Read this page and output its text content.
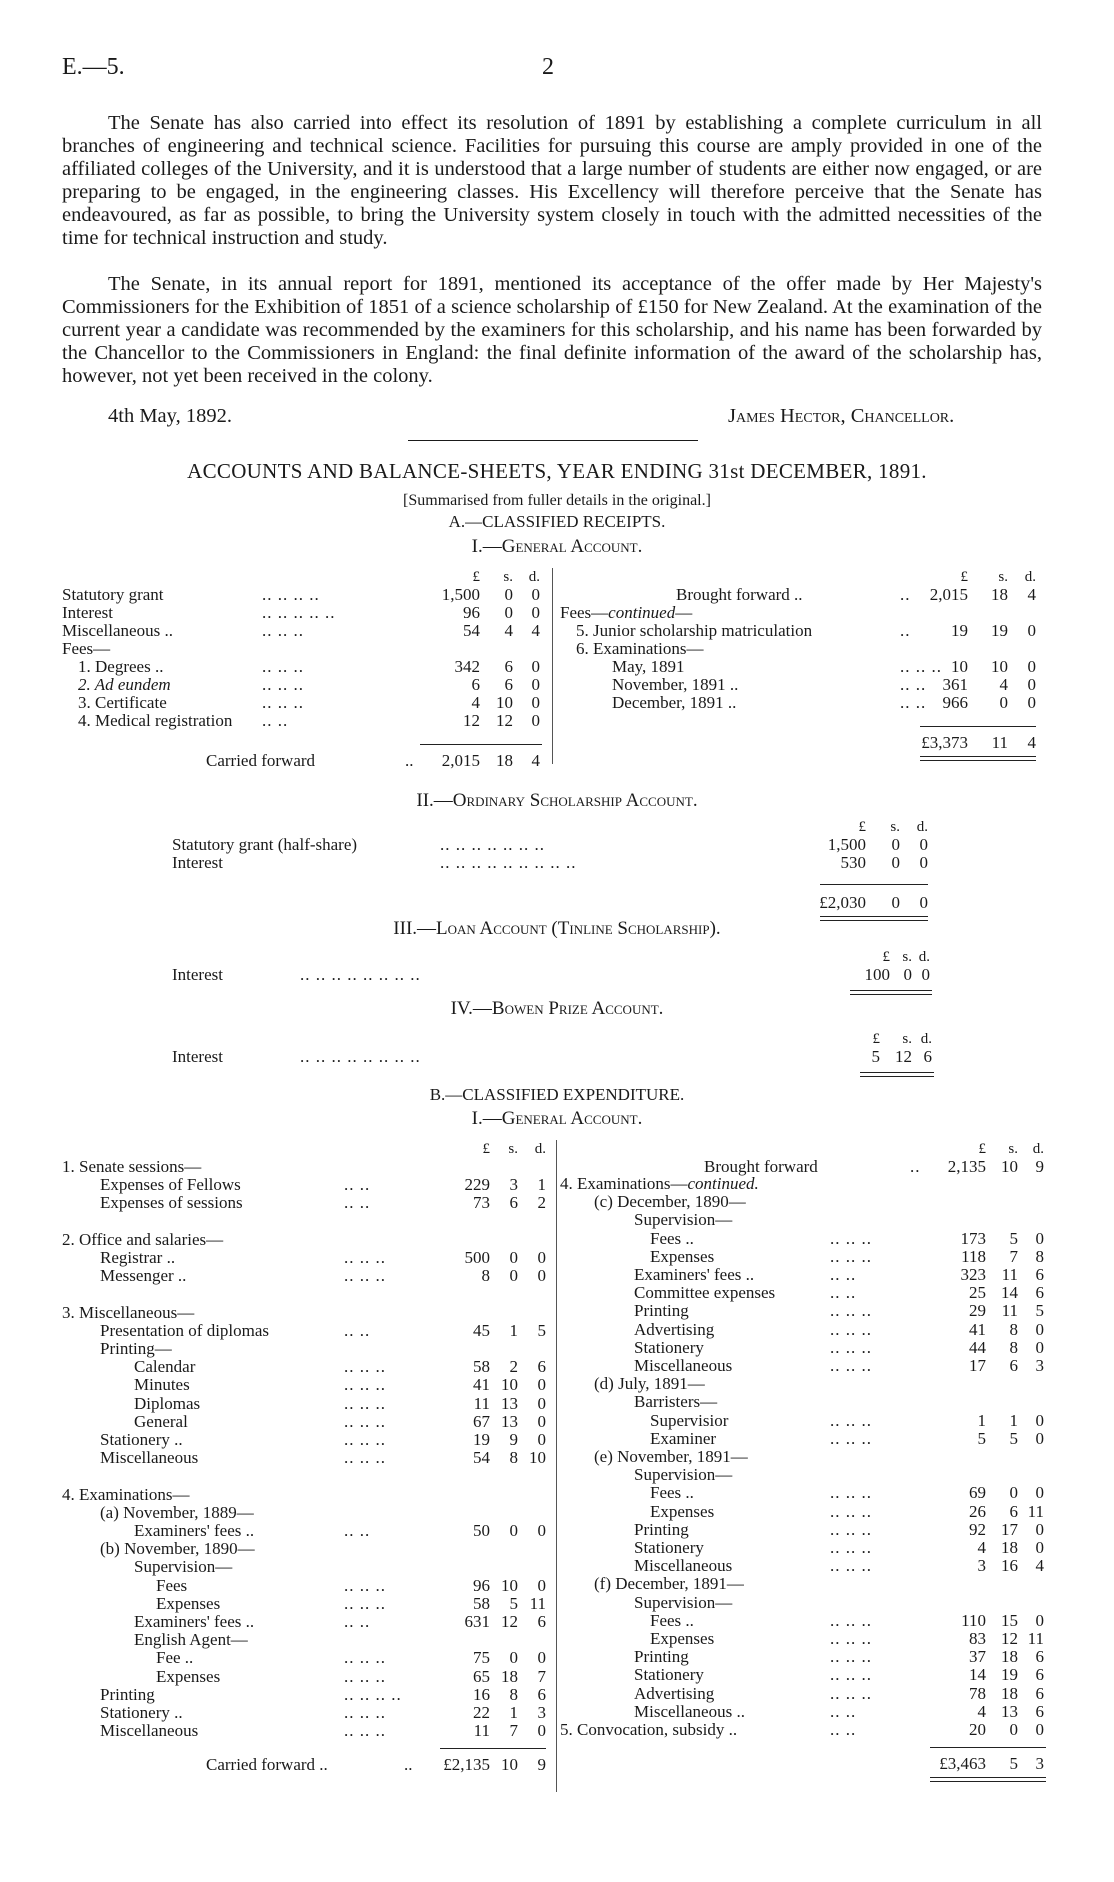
E.—5.	2
The Senate has also carried into effect its resolution of 1891 by establishing a complete curriculum in all branches of engineering and technical science. Facilities for pursuing this course are amply provided in one of the affiliated colleges of the University, and it is understood that a large number of students are either now engaged, or are preparing to be engaged, in the engineering classes. His Excellency will therefore perceive that the Senate has endeavoured, as far as possible, to bring the University system closely in touch with the admitted necessities of the time for technical instruction and study.
The Senate, in its annual report for 1891, mentioned its acceptance of the offer made by Her Majesty's Commissioners for the Exhibition of 1851 of a science scholarship of £150 for New Zealand. At the examination of the current year a candidate was recommended by the examiners for this scholarship, and his name has been forwarded by the Chancellor to the Commissioners in England: the final definite information of the award of the scholarship has, however, not yet been received in the colony.
4th May, 1892.	James Hector, Chancellor.
ACCOUNTS AND BALANCE-SHEETS, YEAR ENDING 31st DECEMBER, 1891.
[Summarised from fuller details in the original.]
A.—CLASSIFIED RECEIPTS.
I.—General Account.
II.—Ordinary Scholarship Account.
III.—Loan Account (Tinline Scholarship).
IV.—Bowen Prize Account.
B.—CLASSIFIED EXPENDITURE.
I.—General Account.
£	s.	d.	£	s.	d.
Statutory grant	.. .. .. ..	1,500	0	0
Interest	.. .. .. .. ..	96	0	0
Miscellaneous ..	.. .. ..	54	4	4
Fees—
1. Degrees ..	.. .. ..	342	6	0
2. Ad eundem	.. .. ..	6	6	0
3. Certificate	.. .. ..	4 10	0
4. Medical registration .. ..	12 12	0
Carried forward	..	2,015 18	4
Brought forward ..	..	2,015	18	4
Fees—continued—
5. Junior scholarship matriculation	..	19	19	0
6. Examinations—
May, 1891	.. .. .. 10	10	0
November, 1891 ..	.. .. 361	4	0
December, 1891 ..	.. .. 966	0	0
£3,373	11	4
£	s.	d.
Statutory grant (half-share)	.. .. .. .. .. .. ..	1,500	0	0
Interest	.. .. .. .. .. .. .. .. ..	530	0	0
£2,030	0	0
£ s. d.
Interest	.. .. .. .. .. .. .. ..	100 0 0
£	s. d.
Interest	.. .. .. .. .. .. .. ..	5 12 6
£	s.	d.	£	s. d.
1. Senate sessions—
Expenses of Fellows	.. ..	229	3	1
Expenses of sessions	.. ..	73	6	2
2. Office and salaries—
Registrar ..	.. .. ..	500	0	0
Messenger ..	.. .. ..	8	0	0
3. Miscellaneous—
Presentation of diplomas	.. ..	45	1	5
Printing—
Calendar	.. .. ..	58	2	6
Minutes	.. .. ..	41 10	0
Diplomas	.. .. ..	11 13	0
General	.. .. ..	67 13	0
Stationery ..	.. .. ..	19	9	0
Miscellaneous	.. .. ..	54	8 10
4. Examinations—
(a) November, 1889—
Examiners' fees ..	.. ..	50	0	0
(b) November, 1890—
Supervision—
Fees	.. .. ..	96 10	0
Expenses	.. .. ..	58	5 11
Examiners' fees ..	.. ..	631 12	6
English Agent—
Fee ..	.. .. ..	75	0	0
Expenses	.. .. ..	65 18	7
Printing	.. .. .. ..	16	8	6
Stationery ..	.. .. ..	22	1	3
Miscellaneous	.. .. ..	11	7	0
Carried forward ..	..	£2,135 10	9
Brought forward	..	2,135 10	9
4. Examinations—continued.
(c) December, 1890—
Supervision—
Fees ..	.. .. ..	173	5	0
Expenses	.. .. ..	118	7	8
Examiners' fees ..	.. ..	323 11	6
Committee expenses	.. ..	25 14	6
Printing	.. .. ..	29 11	5
Advertising	.. .. ..	41	8	0
Stationery	.. .. ..	44	8	0
Miscellaneous	.. .. ..	17	6	3
(d) July, 1891—
Barristers—
Supervisior	.. .. ..	1	1	0
Examiner	.. .. ..	5	5	0
(e) November, 1891—
Supervision—
Fees ..	.. .. ..	69	0	0
Expenses	.. .. ..	26	6 11
Printing	.. .. ..	92 17	0
Stationery	.. .. ..	4 18	0
Miscellaneous	.. .. ..	3 16	4
(f) December, 1891—
Supervision—
Fees ..	.. .. ..	110 15	0
Expenses	.. .. ..	83 12 11
Printing	.. .. ..	37 18	6
Stationery	.. .. ..	14 19	6
Advertising	.. .. ..	78 18	6
Miscellaneous ..	.. ..	4 13	6
5. Convocation, subsidy ..	.. ..	20	0	0
£3,463	5	3
